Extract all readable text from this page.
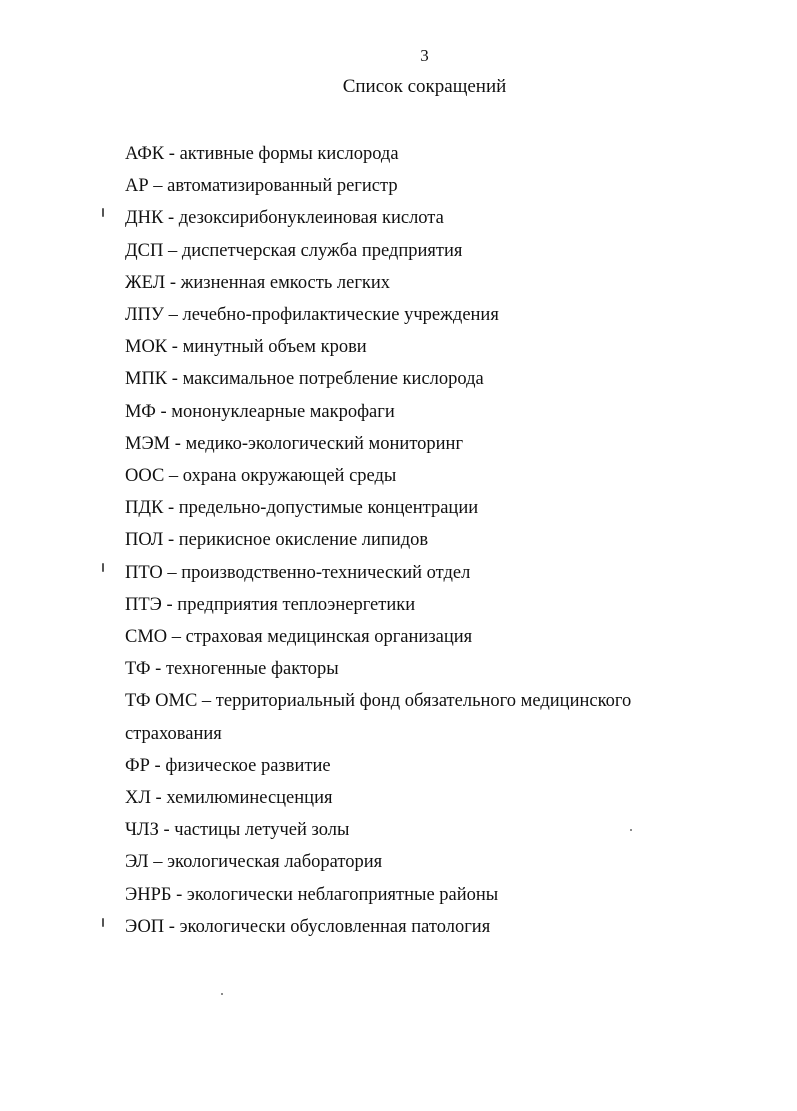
3
Список сокращений
АФК - активные формы кислорода
АР – автоматизированный регистр
ДНК - дезоксирибонуклеиновая кислота
ДСП – диспетчерская служба предприятия
ЖЕЛ - жизненная емкость легких
ЛПУ – лечебно-профилактические учреждения
МОК - минутный объем крови
МПК - максимальное потребление кислорода
МФ - мононуклеарные макрофаги
МЭМ - медико-экологический мониторинг
ООС – охрана окружающей среды
ПДК - предельно-допустимые концентрации
ПОЛ - перикисное окисление липидов
ПТО – производственно-технический отдел
ПТЭ - предприятия теплоэнергетики
СМО – страховая медицинская организация
ТФ - техногенные факторы
ТФ ОМС – территориальный фонд обязательного медицинского страхования
ФР - физическое развитие
ХЛ - хемилюминесценция
ЧЛЗ - частицы летучей золы
ЭЛ – экологическая лаборатория
ЭНРБ - экологически неблагоприятные районы
ЭОП - экологически обусловленная патология
